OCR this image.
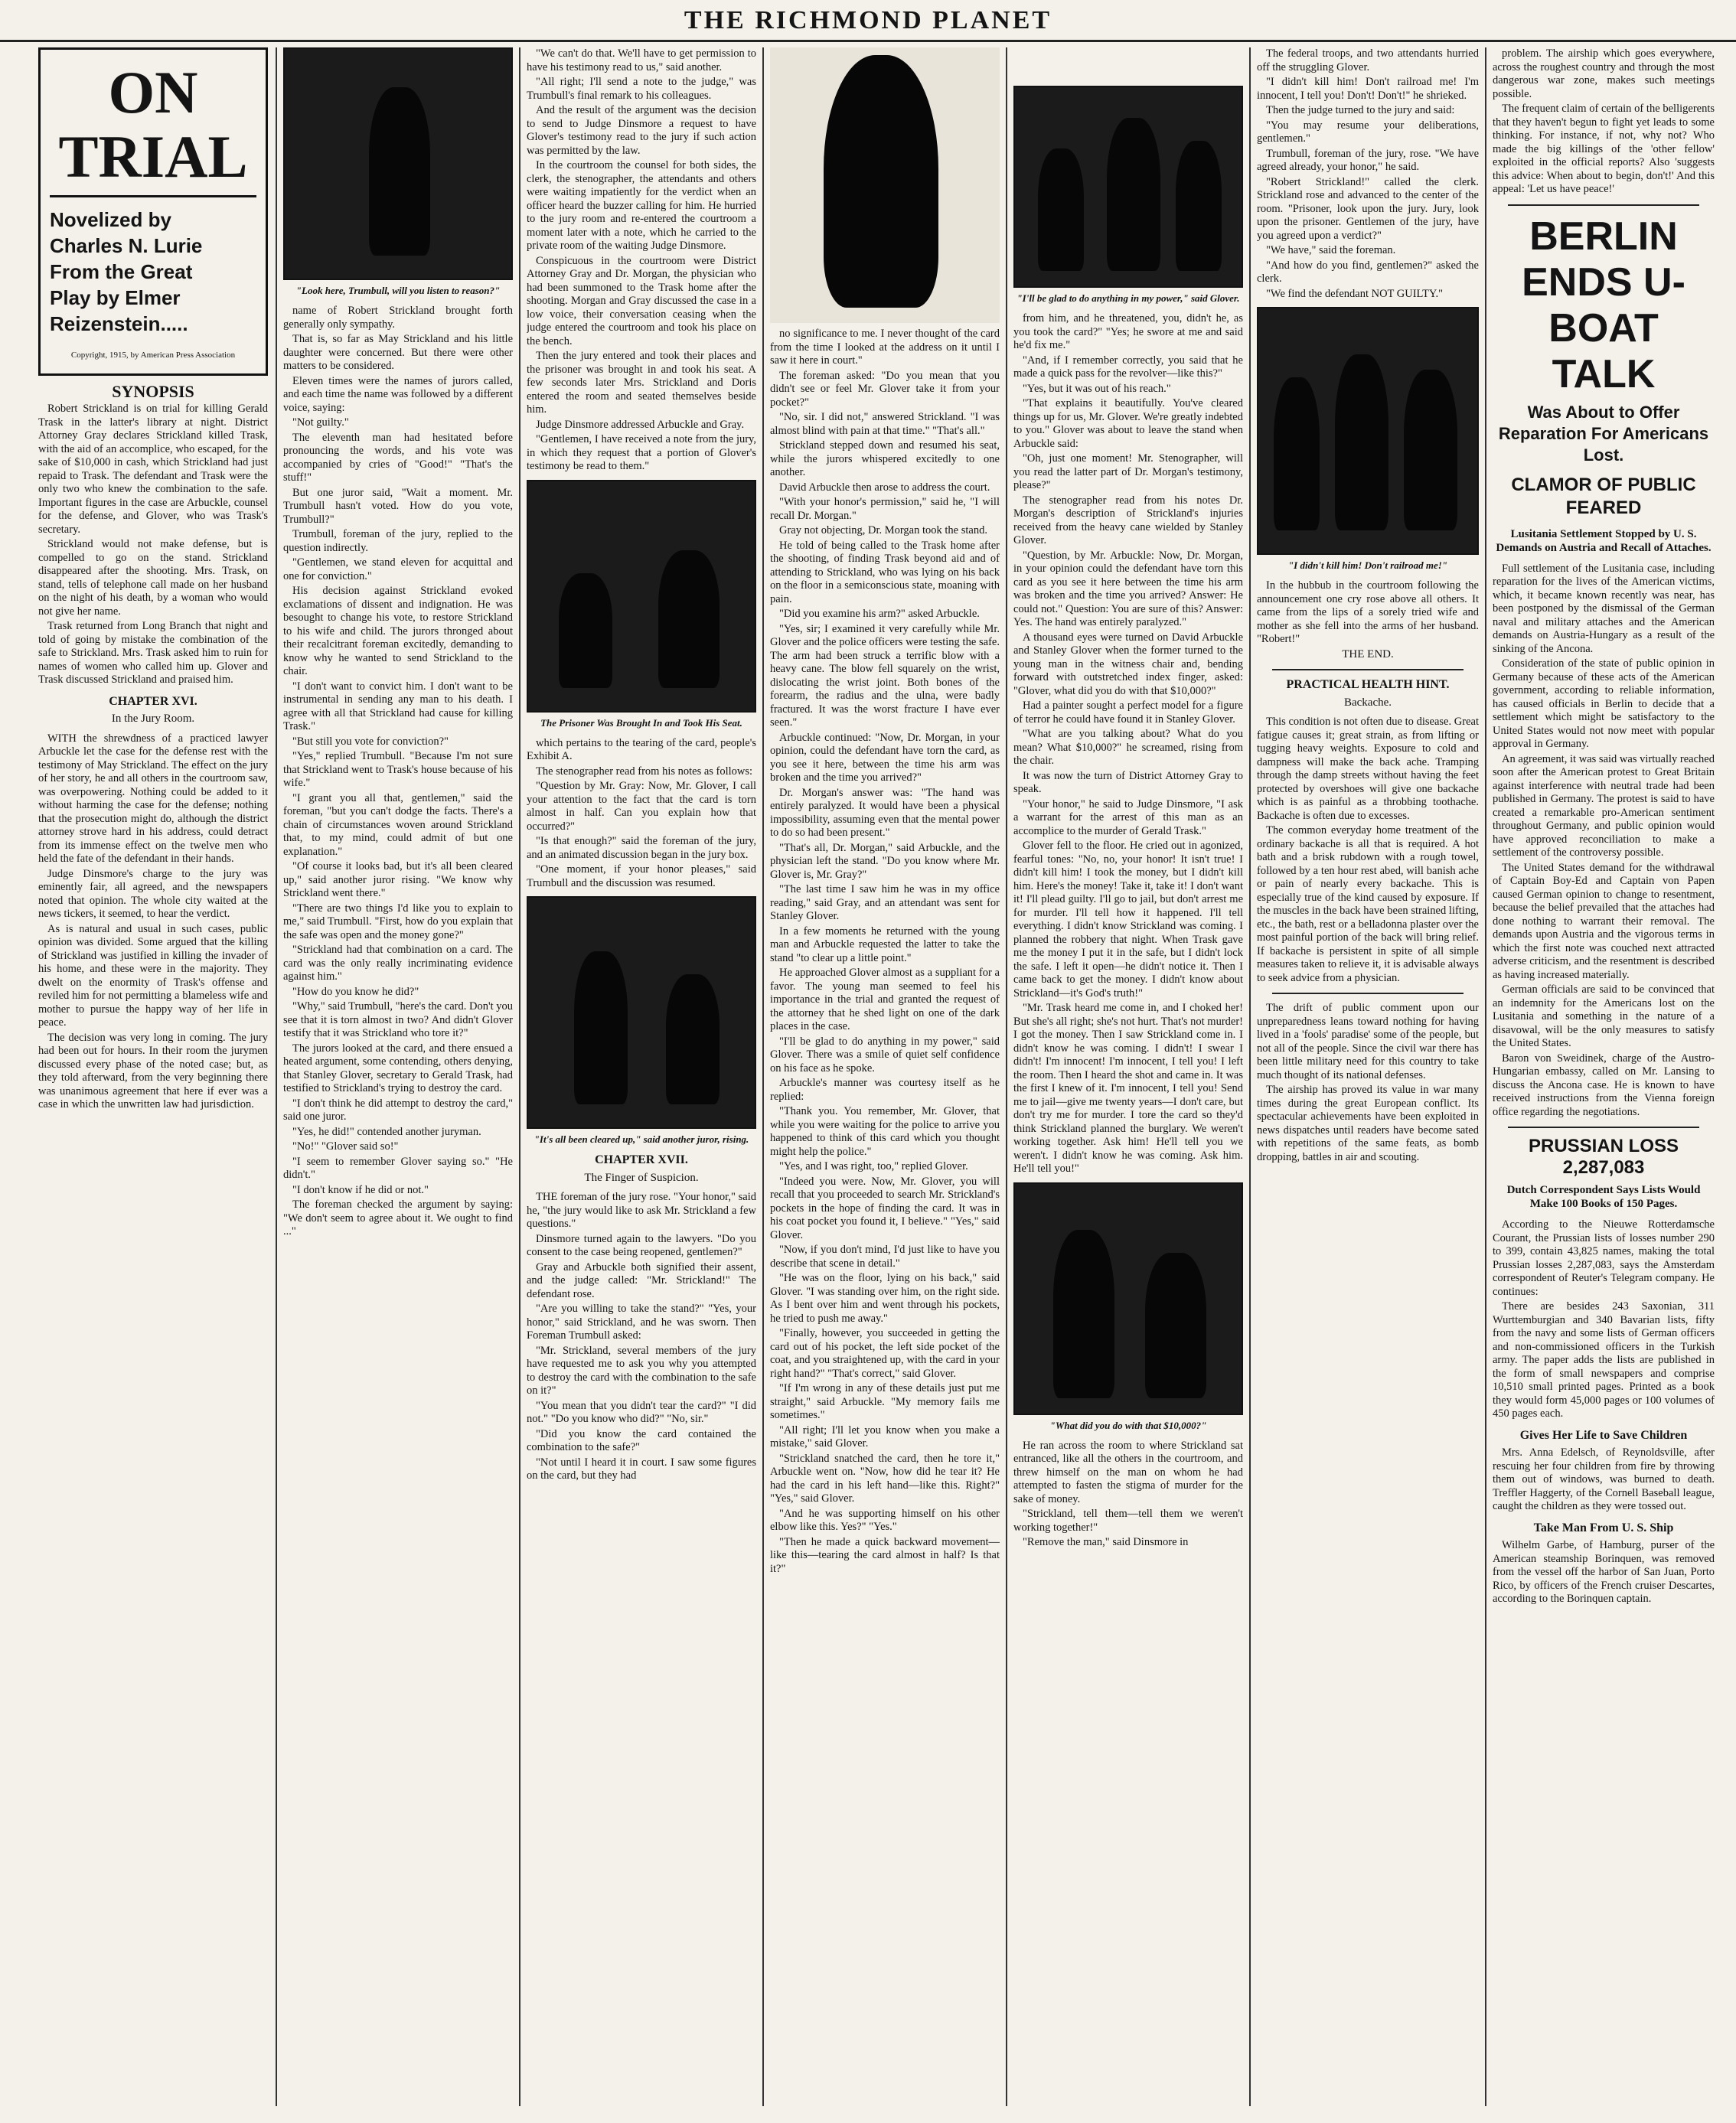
THE RICHMOND PLANET
ON TRIAL
Novelized by
Charles N. Lurie
From the Great
Play by Elmer
Reizenstein.....
Copyright, 1915, by American Press Association
SYNOPSIS

Robert Strickland is on trial for killing Gerald Trask in the latter's library at night. District Attorney Gray declares Strickland killed Trask, with the aid of an accomplice, who escaped, for the sake of $10,000 in cash, which Strickland had just repaid to Trask. The defendant and Trask were the only two who knew the combination to the safe. Important figures in the case are Arbuckle, counsel for the defense, and Glover, who was Trask's secretary.

Strickland would not make defense, but is compelled to go on the stand. Strickland disappeared after the shooting. Mrs. Trask, on stand, tells of telephone call made on her husband on the night of his death, by a woman who would not give her name.

Trask returned from Long Branch that night and told of going by mistake the combination of the safe to Strickland. Mrs. Trask asked him to ruin for names of women who called him up. Glover and Trask discussed Strickland and praised him.

CHAPTER XVI.
In the Jury Room.

WITH the shrewdness of a practiced lawyer Arbuckle let the case for the defense rest with the testimony of May Strickland. The effect on the jury of her story, he and all others in the courtroom saw, was overpowering. Nothing could be added to it without harming the case for the defense; nothing that the prosecution might do, although the district attorney strove hard in his address, could detract from its immense effect on the twelve men who held the fate of the defendant in their hands.

Judge Dinsmore's charge to the jury was eminently fair, all agreed, and the newspapers noted that opinion. The whole city waited at the news tickers, it seemed, to hear the verdict.

As is natural and usual in such cases, public opinion was divided. Some argued that the killing of Strickland was justified in killing the invader of his home, and these were in the majority. They dwelt on the enormity of Trask's offense and reviled him for not permitting a blameless wife and mother to pursue the happy way of her life in peace.

The decision was very long in coming. The jury had been out for hours. In their room the jurymen discussed every phase of the noted case; but, as they told afterward, from the very beginning there was unanimous agreement that here if ever was a case in which the unwritten law had jurisdiction.

"Look here, Trumbull, will you listen to reason?"

name of Robert Strickland brought forth generally only sympathy.

That is, so far as May Strickland and his little daughter were concerned. But there were other matters to be considered.

Eleven times were the names of jurors called, and each time the name was followed by a different voice, saying:

"Not guilty."

The eleventh man had hesitated before pronouncing the words, and his vote was accompanied by cries of "Good!" "That's the stuff!"

But one juror said, "Wait a moment. Mr. Trumbull hasn't voted. How do you vote, Trumbull?"

Trumbull, foreman of the jury, replied to the question indirectly.

"Gentlemen, we stand eleven for acquittal and one for conviction."

His decision against Strickland evoked exclamations of dissent and indignation. He was besought to change his vote, to restore Strickland to his wife and child. The jurors thronged about their recalcitrant foreman excitedly, demanding to know why he wanted to send Strickland to the chair.

"I don't want to convict him. I don't want to be instrumental in sending any man to his death. I agree with all that Strickland had cause for killing Trask."

"But still you vote for conviction?"

"Yes," replied Trumbull. "Because I'm not sure that Strickland went to Trask's house because of his wife."

"I grant you all that, gentlemen," said the foreman, "but you can't dodge the facts. There's a chain of circumstances woven around Strickland that, to my mind, could admit of but one explanation."

"Of course it looks bad, but it's all been cleared up," said another juror rising. "We know why Strickland went there."

"There are two things I'd like you to explain to me," said Trumbull. "First, how do you explain that the safe was open and the money gone?"

"Strickland had that combination on a card. The card was the only really incriminating evidence against him."

"How do you know he did?"

"Why," said Trumbull, "here's the card. Don't you see that it is torn almost in two? And didn't Glover testify that it was Strickland who tore it?"

The jurors looked at the card, and there ensued a heated argument, some contending, others denying, that Stanley Glover, secretary to Gerald Trask, had testified to Strickland's trying to destroy the card.

"I don't think he did attempt to destroy the card," said one juror.

"Yes, he did!" contended another juryman.

"No!" "Glover said so!"

"I seem to remember Glover saying so." "He didn't."

"I don't know if he did or not."

The foreman checked the argument by saying: "We don't seem to agree about it. We ought to find ..."

"We can't do that. We'll have to get permission to have his testimony read to us," said another.

"All right; I'll send a note to the judge," was Trumbull's final remark to his colleagues.

And the result of the argument was the decision to send to Judge Dinsmore a request to have Glover's testimony read to the jury if such action was permitted by the law.

In the courtroom the counsel for both sides, the clerk, the stenographer, the attendants and others were waiting impatiently for the verdict when an officer heard the buzzer calling for him. He hurried to the jury room and re-entered the courtroom a moment later with a note, which he carried to the private room of the waiting Judge Dinsmore.

Conspicuous in the courtroom were District Attorney Gray and Dr. Morgan, the physician who had been summoned to the Trask home after the shooting. Morgan and Gray discussed the case in a low voice, their conversation ceasing when the judge entered the courtroom and took his place on the bench.

Then the jury entered and took their places and the prisoner was brought in and took his seat. A few seconds later Mrs. Strickland and Doris entered the room and seated themselves beside him.

Judge Dinsmore addressed Arbuckle and Gray.

"Gentlemen, I have received a note from the jury, in which they request that a portion of Glover's testimony be read to them."

The Prisoner Was Brought In and Took His Seat.

which pertains to the tearing of the card, people's Exhibit A.

The stenographer read from his notes as follows:

"Question by Mr. Gray: Now, Mr. Glover, I call your attention to the fact that the card is torn almost in half. Can you explain how that occurred?"

"Is that enough?" said the foreman of the jury, and an animated discussion began in the jury box.

"One moment, if your honor pleases," said Trumbull and the discussion was resumed.

"It's all been cleared up," said another juror, rising.
CHAPTER XVII.
The Finger of Suspicion.

THE foreman of the jury rose. "Your honor," said he, "the jury would like to ask Mr. Strickland a few questions."

Dinsmore turned again to the lawyers. "Do you consent to the case being reopened, gentlemen?"

Gray and Arbuckle both signified their assent, and the judge called: "Mr. Strickland!" The defendant rose.

"Are you willing to take the stand?" "Yes, your honor," said Strickland, and he was sworn. Then Foreman Trumbull asked:

"Mr. Strickland, several members of the jury have requested me to ask you why you attempted to destroy the card with the combination to the safe on it?"

"You mean that you didn't tear the card?" "I did not." "Do you know who did?" "No, sir."

"Did you know the card contained the combination to the safe?"

"Not until I heard it in court. I saw some figures on the card, but they had

no significance to me. I never thought of the card from the time I looked at the address on it until I saw it here in court."

The foreman asked: "Do you mean that you didn't see or feel Mr. Glover take it from your pocket?"

"No, sir. I did not," answered Strickland. "I was almost blind with pain at that time." "That's all."

Strickland stepped down and resumed his seat, while the jurors whispered excitedly to one another.

David Arbuckle then arose to address the court.

"With your honor's permission," said he, "I will recall Dr. Morgan."

Gray not objecting, Dr. Morgan took the stand.

He told of being called to the Trask home after the shooting, of finding Trask beyond aid and of attending to Strickland, who was lying on his back on the floor in a semiconscious state, moaning with pain.

"Did you examine his arm?" asked Arbuckle.

"Yes, sir; I examined it very carefully while Mr. Glover and the police officers were testing the safe. The arm had been struck a terrific blow with a heavy cane. The blow fell squarely on the wrist, dislocating the wrist joint. Both bones of the forearm, the radius and the ulna, were badly fractured. It was the worst fracture I have ever seen."

Arbuckle continued: "Now, Dr. Morgan, in your opinion, could the defendant have torn the card, as you see it here, between the time his arm was broken and the time you arrived?"

Dr. Morgan's answer was: "The hand was entirely paralyzed. It would have been a physical impossibility, assuming even that the mental power to do so had been present."

"That's all, Dr. Morgan," said Arbuckle, and the physician left the stand. "Do you know where Mr. Glover is, Mr. Gray?"

"The last time I saw him he was in my office reading," said Gray, and an attendant was sent for Stanley Glover.

In a few moments he returned with the young man and Arbuckle requested the latter to take the stand "to clear up a little point."

He approached Glover almost as a suppliant for a favor. The young man seemed to feel his importance in the trial and granted the request of the attorney that he shed light on one of the dark places in the case.

"I'll be glad to do anything in my power," said Glover. There was a smile of quiet self confidence on his face as he spoke.

Arbuckle's manner was courtesy itself as he replied:

"Thank you. You remember, Mr. Glover, that while you were waiting for the police to arrive you happened to think of this card which you thought might help the police."

"Yes, and I was right, too," replied Glover.

"Indeed you were. Now, Mr. Glover, you will recall that you proceeded to search Mr. Strickland's pockets in the hope of finding the card. It was in his coat pocket you found it, I believe." "Yes," said Glover.

"Now, if you don't mind, I'd just like to have you describe that scene in detail."

"He was on the floor, lying on his back," said Glover. "I was standing over him, on the right side. As I bent over him and went through his pockets, he tried to push me away."

"Finally, however, you succeeded in getting the card out of his pocket, the left side pocket of the coat, and you straightened up, with the card in your right hand?" "That's correct," said Glover.

"If I'm wrong in any of these details just put me straight," said Arbuckle. "My memory fails me sometimes."

"All right; I'll let you know when you make a mistake," said Glover.

"Strickland snatched the card, then he tore it," Arbuckle went on. "Now, how did he tear it? He had the card in his left hand—like this. Right?" "Yes," said Glover.

"And he was supporting himself on his other elbow like this. Yes?" "Yes."

"Then he made a quick backward movement—like this—tearing the card almost in half? Is that it?"

"I'll be glad to do anything in my power," said Glover.

from him, and he threatened, you, didn't he, as you took the card?" "Yes; he swore at me and said he'd fix me."

"And, if I remember correctly, you said that he made a quick pass for the revolver—like this?"

"Yes, but it was out of his reach."

"That explains it beautifully. You've cleared things up for us, Mr. Glover. We're greatly indebted to you." Glover was about to leave the stand when Arbuckle said:

"Oh, just one moment! Mr. Stenographer, will you read the latter part of Dr. Morgan's testimony, please?"

The stenographer read from his notes Dr. Morgan's description of Strickland's injuries received from the heavy cane wielded by Stanley Glover.

"Question, by Mr. Arbuckle: Now, Dr. Morgan, in your opinion could the defendant have torn this card as you see it here between the time his arm was broken and the time you arrived? Answer: He could not." Question: You are sure of this? Answer: Yes. The hand was entirely paralyzed."

A thousand eyes were turned on David Arbuckle and Stanley Glover when the former turned to the young man in the witness chair and, bending forward with outstretched index finger, asked: "Glover, what did you do with that $10,000?"

Had a painter sought a perfect model for a figure of terror he could have found it in Stanley Glover.

"What are you talking about? What do you mean? What $10,000?" he screamed, rising from the chair.

It was now the turn of District Attorney Gray to speak.

"Your honor," he said to Judge Dinsmore, "I ask a warrant for the arrest of this man as an accomplice to the murder of Gerald Trask."

Glover fell to the floor. He cried out in agonized, fearful tones: "No, no, your honor! It isn't true! I didn't kill him! I took the money, but I didn't kill him. Here's the money! Take it, take it! I don't want it! I'll plead guilty. I'll go to jail, but don't arrest me for murder. I'll tell how it happened. I'll tell everything. I didn't know Strickland was coming. I planned the robbery that night. When Trask gave me the money I put it in the safe, but I didn't lock the safe. I left it open—he didn't notice it. Then I came back to get the money. I didn't know about Strickland—it's God's truth!"

"Mr. Trask heard me come in, and I choked her! But she's all right; she's not hurt. That's not murder! I got the money. Then I saw Strickland come in. I didn't know he was coming. I didn't! I swear I didn't! I'm innocent! I'm innocent, I tell you! I left the room. Then I heard the shot and came in. It was the first I knew of it. I'm innocent, I tell you! Send me to jail—give me twenty years—I don't care, but don't try me for murder. I tore the card so they'd think Strickland planned the burglary. We weren't working together. Ask him! He'll tell you we weren't. I didn't know he was coming. Ask him. He'll tell you!"

"What did you do with that $10,000?"

He ran across the room to where Strickland sat entranced, like all the others in the courtroom, and threw himself on the man on whom he had attempted to fasten the stigma of murder for the sake of money.

"Strickland, tell them—tell them we weren't working together!"

"Remove the man," said Dinsmore in

The federal troops, and two attendants hurried off the struggling Glover.

"I didn't kill him! Don't railroad me! I'm innocent, I tell you! Don't! Don't!" he shrieked.

Then the judge turned to the jury and said:

"You may resume your deliberations, gentlemen."

Trumbull, foreman of the jury, rose. "We have agreed already, your honor," he said.

"Robert Strickland!" called the clerk. Strickland rose and advanced to the center of the room. "Prisoner, look upon the jury. Jury, look upon the prisoner. Gentlemen of the jury, have you agreed upon a verdict?"

"We have," said the foreman.

"And how do you find, gentlemen?" asked the clerk.

"We find the defendant NOT GUILTY."

"I didn't kill him! Don't railroad me!"

In the hubbub in the courtroom following the announcement one cry rose above all others. It came from the lips of a sorely tried wife and mother as she fell into the arms of her husband. "Robert!"

THE END.
PRACTICAL HEALTH HINT.
Backache.

This condition is not often due to disease. Great fatigue causes it; great strain, as from lifting or tugging heavy weights. Exposure to cold and dampness will make the back ache. Tramping through the damp streets without having the feet protected by overshoes will give one backache which is as painful as a throbbing toothache. Backache is often due to excesses.

The common everyday home treatment of the ordinary backache is all that is required. A hot bath and a brisk rubdown with a rough towel, followed by a ten hour rest abed, will banish ache or pain of nearly every backache. This is especially true of the kind caused by exposure. If the muscles in the back have been strained lifting, etc., the bath, rest or a belladonna plaster over the most painful portion of the back will bring relief. If backache is persistent in spite of all simple measures taken to relieve it, it is advisable always to seek advice from a physician.

The drift of public comment upon our unpreparedness leans toward nothing for having lived in a 'fools' paradise' some of the people, but not all of the people. Since the civil war there has been little military need for this country to take much thought of its national defenses.

The airship has proved its value in war many times during the great European conflict. Its spectacular achievements have been exploited in news dispatches until readers have become sated with repetitions of the same feats, as bomb dropping, battles in air and scouting.

problem. The airship which goes everywhere, across the roughest country and through the most dangerous war zone, makes such meetings possible.

The frequent claim of certain of the belligerents that they haven't begun to fight yet leads to some thinking. For instance, if not, why not? Who made the big killings of the 'other fellow' exploited in the official reports? Also 'suggests this advice: When about to begin, don't!' And this appeal: 'Let us have peace!'

BERLIN ENDS U-BOAT TALK
Was About to Offer Reparation For Americans Lost.
CLAMOR OF PUBLIC FEARED
Lusitania Settlement Stopped by U. S. Demands on Austria and Recall of Attaches.

Full settlement of the Lusitania case, including reparation for the lives of the American victims, which, it became known recently was near, has been postponed by the dismissal of the German naval and military attaches and the American demands on Austria-Hungary as a result of the sinking of the Ancona.

Consideration of the state of public opinion in Germany because of these acts of the American government, according to reliable information, has caused officials in Berlin to decide that a settlement which might be satisfactory to the United States would not now meet with popular approval in Germany.

An agreement, it was said was virtually reached soon after the American protest to Great Britain against interference with neutral trade had been published in Germany. The protest is said to have created a remarkable pro-American sentiment throughout Germany, and public opinion would have approved reconciliation to make a settlement of the controversy possible.

The United States demand for the withdrawal of Captain Boy-Ed and Captain von Papen caused German opinion to change to resentment, because the belief prevailed that the attaches had done nothing to warrant their removal. The demands upon Austria and the vigorous terms in which the first note was couched next attracted adverse criticism, and the resentment is described as having increased materially.

German officials are said to be convinced that an indemnity for the Americans lost on the Lusitania and something in the nature of a disavowal, will be the only measures to satisfy the United States.

Baron von Sweidinek, charge of the Austro-Hungarian embassy, called on Mr. Lansing to discuss the Ancona case. He is known to have received instructions from the Vienna foreign office regarding the negotiations.

PRUSSIAN LOSS 2,287,083
Dutch Correspondent Says Lists Would Make 100 Books of 150 Pages.

According to the Nieuwe Rotterdamsche Courant, the Prussian lists of losses number 290 to 399, contain 43,825 names, making the total Prussian losses 2,287,083, says the Amsterdam correspondent of Reuter's Telegram company. He continues:

There are besides 243 Saxonian, 311 Wurttemburgian and 340 Bavarian lists, fifty from the navy and some lists of German officers and non-commissioned officers in the Turkish army. The paper adds the lists are published in the form of small newspapers and comprise 10,510 small printed pages. Printed as a book they would form 45,000 pages or 100 volumes of 450 pages each.

Gives Her Life to Save Children

Mrs. Anna Edelsch, of Reynoldsville, after rescuing her four children from fire by throwing them out of windows, was burned to death. Treffler Haggerty, of the Cornell Baseball league, caught the children as they were tossed out.

Take Man From U. S. Ship

Wilhelm Garbe, of Hamburg, purser of the American steamship Borinquen, was removed from the vessel off the harbor of San Juan, Porto Rico, by officers of the French cruiser Descartes, according to the Borinquen captain.
